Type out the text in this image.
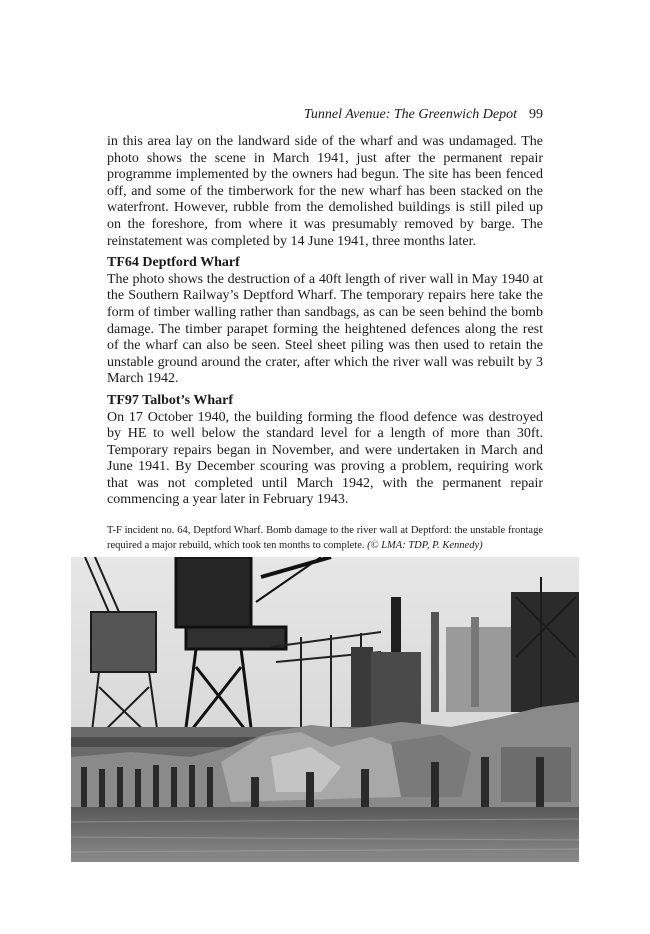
Tunnel Avenue: The Greenwich Depot 99

in this area lay on the landward side of the wharf and was undamaged. The photo shows the scene in March 1941, just after the permanent repair programme implemented by the owners had begun. The site has been fenced off, and some of the timberwork for the new wharf has been stacked on the waterfront. However, rubble from the demolished buildings is still piled up on the foreshore, from where it was presumably removed by barge. The reinstatement was completed by 14 June 1941, three months later.

TF64 Deptford Wharf

The photo shows the destruction of a 40ft length of river wall in May 1940 at the Southern Railway’s Deptford Wharf. The temporary repairs here take the form of timber walling rather than sandbags, as can be seen behind the bomb damage. The timber parapet forming the heightened defences along the rest of the wharf can also be seen. Steel sheet piling was then used to retain the unstable ground around the crater, after which the river wall was rebuilt by 3 March 1942.

TF97 Talbot’s Wharf

On 17 October 1940, the building forming the flood defence was destroyed by HE to well below the standard level for a length of more than 30ft. Temporary repairs began in November, and were undertaken in March and June 1941. By December scouring was proving a problem, requiring work that was not completed until March 1942, with the permanent repair commencing a year later in February 1943.

T-F incident no. 64, Deptford Wharf. Bomb damage to the river wall at Deptford: the unstable frontage required a major rebuild, which took ten months to complete. (© LMA: TDP, P. Kennedy)
